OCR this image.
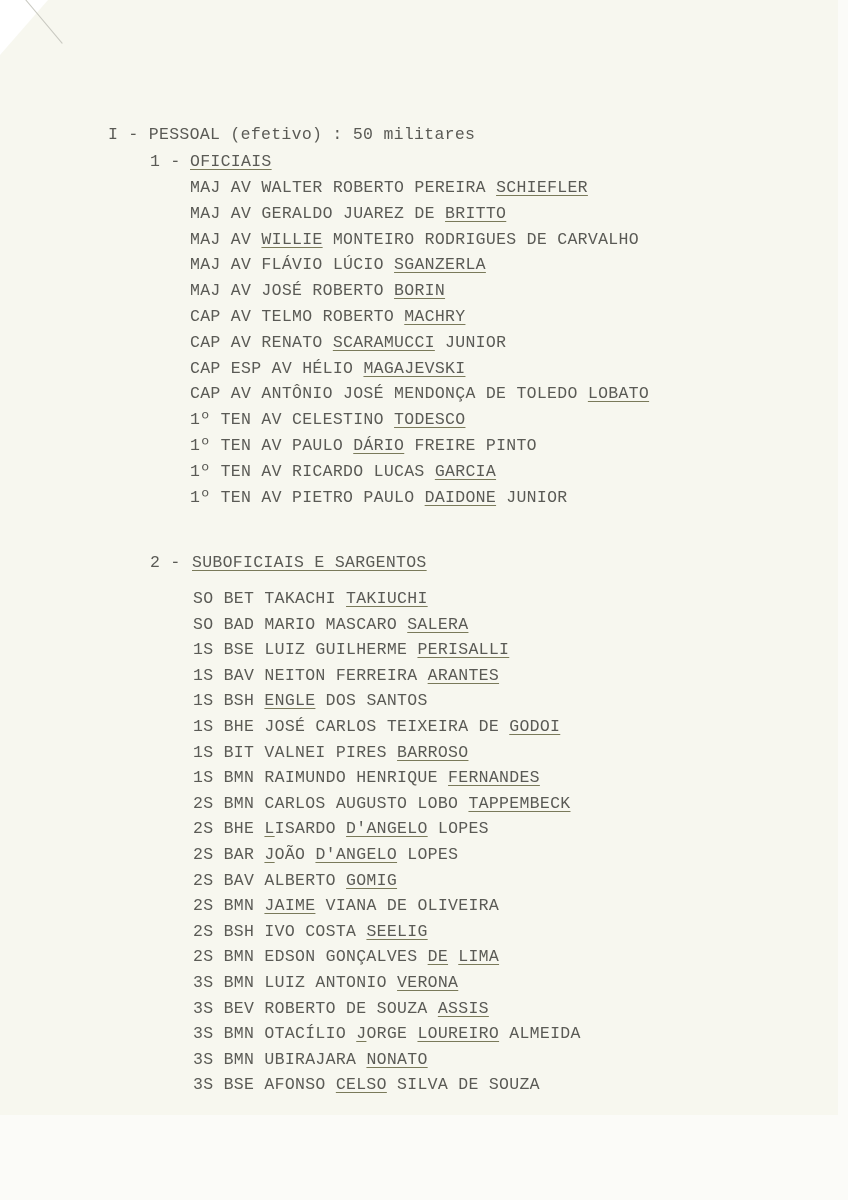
I - PESSOAL (efetivo) : 50 militares
1 - OFICIAIS
MAJ AV WALTER ROBERTO PEREIRA SCHIEFLER
MAJ AV GERALDO JUAREZ DE BRITTO
MAJ AV WILLIE MONTEIRO RODRIGUES DE CARVALHO
MAJ AV FLÁVIO LÚCIO SGANZERLA
MAJ AV JOSÉ ROBERTO BORIN
CAP AV TELMO ROBERTO MACHRY
CAP AV RENATO SCARAMUCCI JUNIOR
CAP ESP AV HÉLIO MAGAJEVSKI
CAP AV ANTÔNIO JOSÉ MENDONÇA DE TOLEDO LOBATO
1º TEN AV CELESTINO TODESCO
1º TEN AV PAULO DÁRIO FREIRE PINTO
1º TEN AV RICARDO LUCAS GARCIA
1º TEN AV PIETRO PAULO DAIDONE JUNIOR
2 - SUBOFICIAIS E SARGENTOS
SO BET TAKACHI TAKIUCHI
SO BAD MARIO MASCARO SALERA
1S BSE LUIZ GUILHERME PERISALLI
1S BAV NEITON FERREIRA ARANTES
1S BSH ENGLE DOS SANTOS
1S BHE JOSÉ CARLOS TEIXEIRA DE GODOI
1S BIT VALNEI PIRES BARROSO
1S BMN RAIMUNDO HENRIQUE FERNANDES
2S BMN CARLOS AUGUSTO LOBO TAPPEMBECK
2S BHE LISARDO D'ANGELO LOPES
2S BAR JOÃO D'ANGELO LOPES
2S BAV ALBERTO GOMIG
2S BMN JAIME VIANA DE OLIVEIRA
2S BSH IVO COSTA SEELIG
2S BMN EDSON GONÇALVES DE LIMA
3S BMN LUIZ ANTONIO VERONA
3S BEV ROBERTO DE SOUZA ASSIS
3S BMN OTACÍLIO JORGE LOUREIRO ALMEIDA
3S BMN UBIRAJARA NONATO
3S BSE AFONSO CELSO SILVA DE SOUZA
